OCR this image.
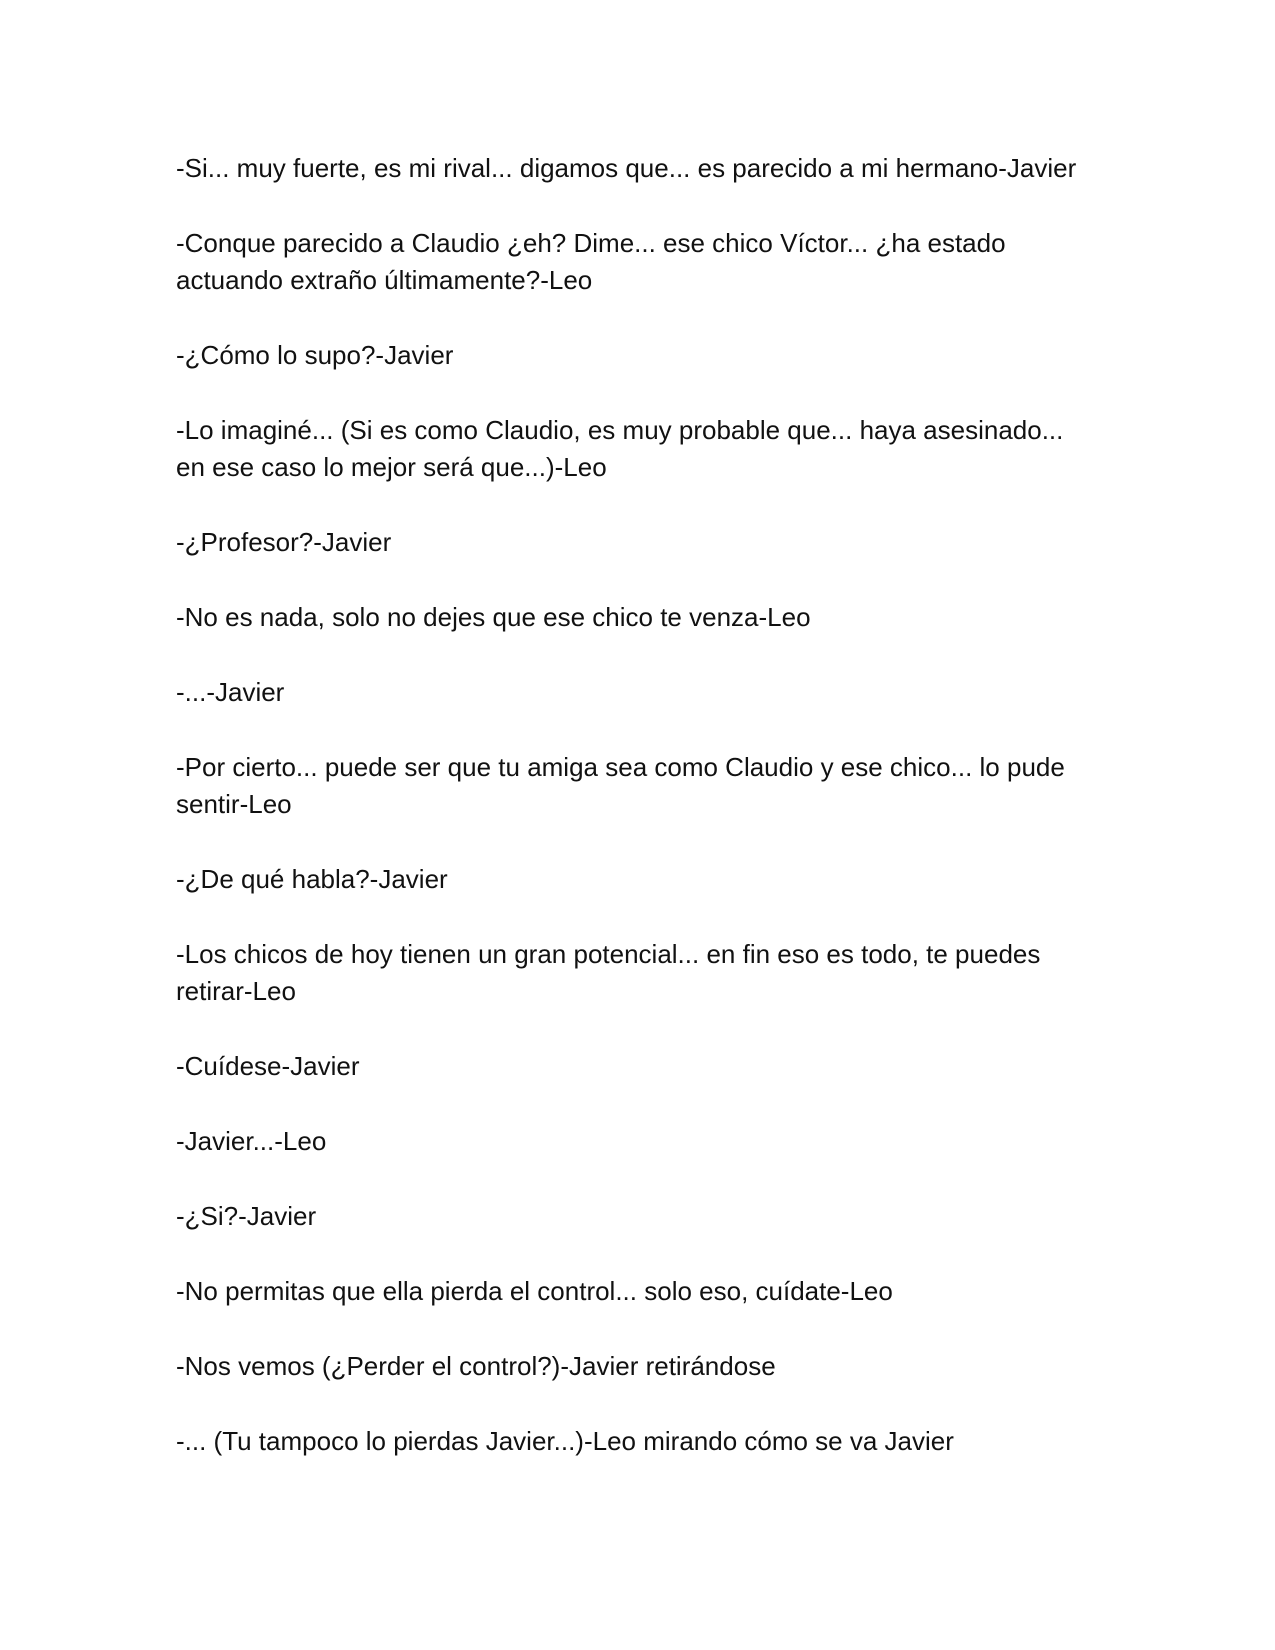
-Si... muy fuerte, es mi rival... digamos que... es parecido a mi hermano-Javier

-Conque parecido a Claudio ¿eh? Dime... ese chico Víctor... ¿ha estado actuando extraño últimamente?-Leo

-¿Cómo lo supo?-Javier

-Lo imaginé... (Si es como Claudio, es muy probable que... haya asesinado... en ese caso lo mejor será que...)-Leo

-¿Profesor?-Javier

-No es nada, solo no dejes que ese chico te venza-Leo

-...-Javier

-Por cierto... puede ser que tu amiga sea como Claudio y ese chico... lo pude sentir-Leo

-¿De qué habla?-Javier

-Los chicos de hoy tienen un gran potencial... en fin eso es todo, te puedes retirar-Leo

-Cuídese-Javier

-Javier...-Leo

-¿Si?-Javier

-No permitas que ella pierda el control... solo eso, cuídate-Leo

-Nos vemos (¿Perder el control?)-Javier retirándose

-... (Tu tampoco lo pierdas Javier...)-Leo mirando cómo se va Javier
